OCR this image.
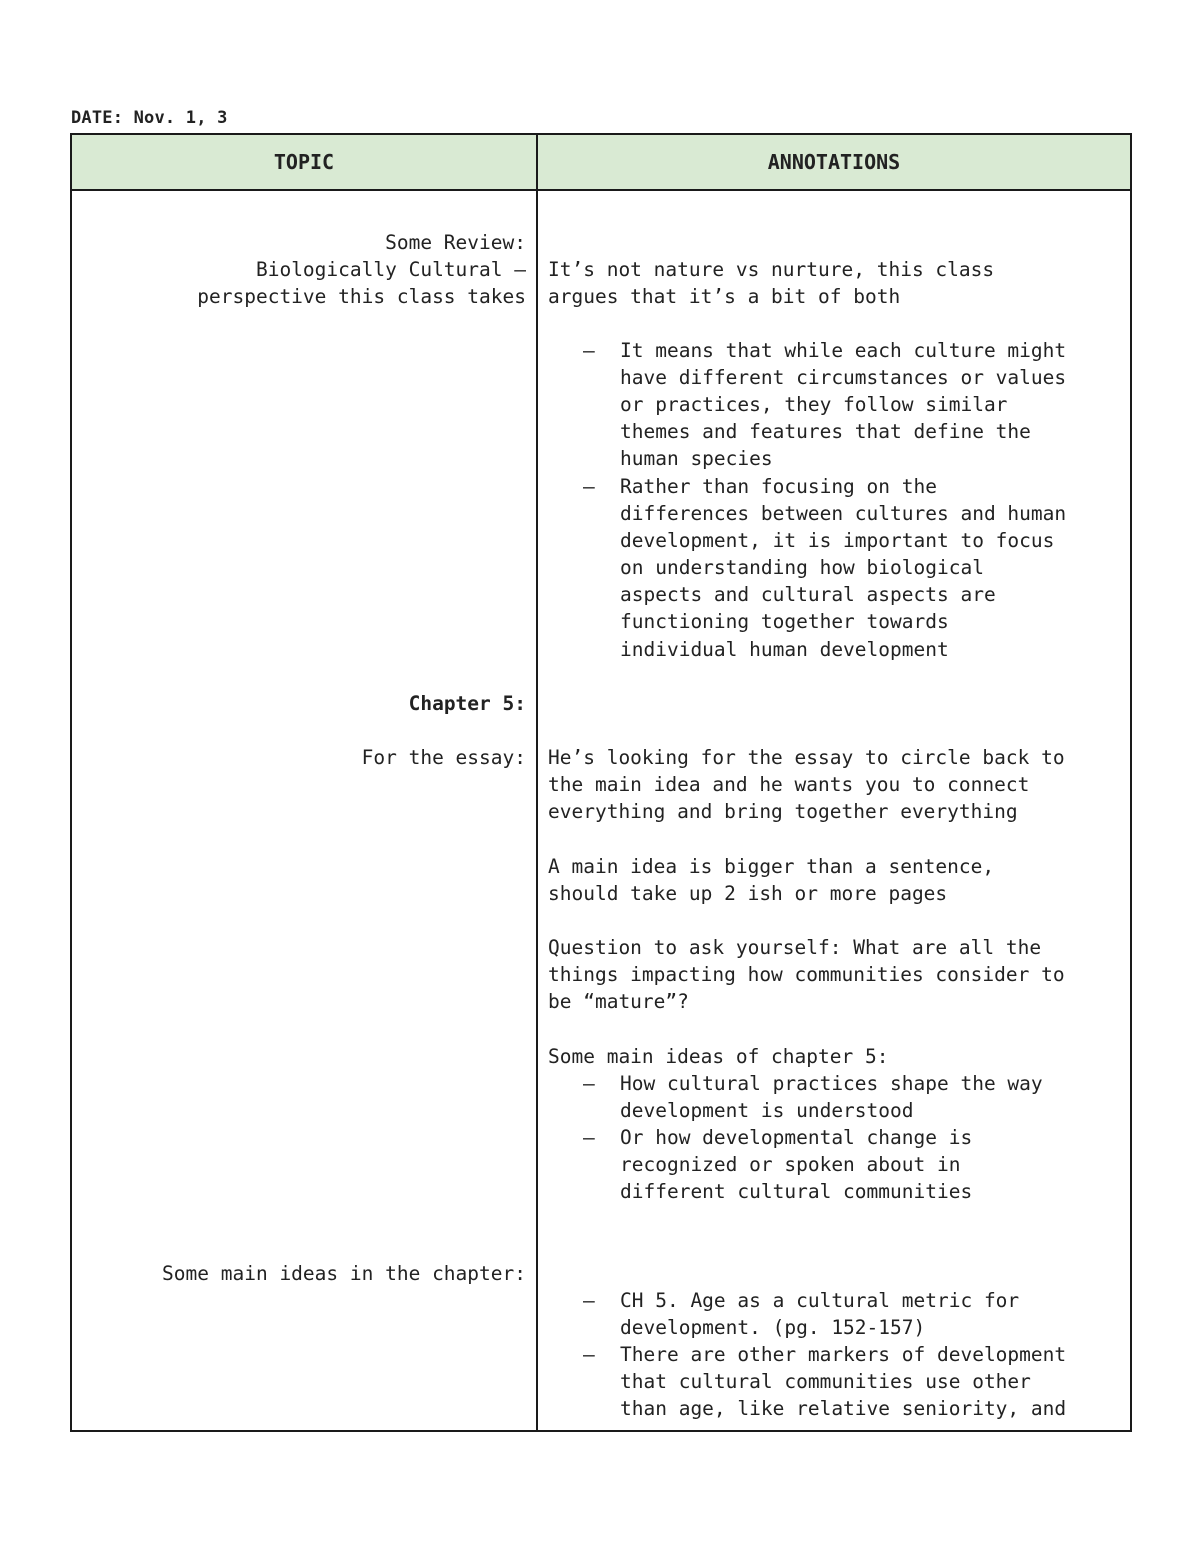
DATE: Nov. 1, 3
TOPIC	ANNOTATIONS
Some Review:
Biologically Cultural –
perspective this class takes
It’s not nature vs nurture, this class
argues that it’s a bit of both
– It means that while each culture might
have different circumstances or values
or practices, they follow similar
themes and features that define the
human species
– Rather than focusing on the
differences between cultures and human
development, it is important to focus
on understanding how biological
aspects and cultural aspects are
functioning together towards
individual human development
Chapter 5:
For the essay: He’s looking for the essay to circle back to
the main idea and he wants you to connect
everything and bring together everything
A main idea is bigger than a sentence,
should take up 2 ish or more pages
Question to ask yourself: What are all the
things impacting how communities consider to
be “mature”?
Some main ideas of chapter 5:
– How cultural practices shape the way
development is understood
– Or how developmental change is
recognized or spoken about in
different cultural communities
Some main ideas in the chapter:
– CH 5. Age as a cultural metric for
development. (pg. 152-157)
– There are other markers of development
that cultural communities use other
than age, like relative seniority, and
